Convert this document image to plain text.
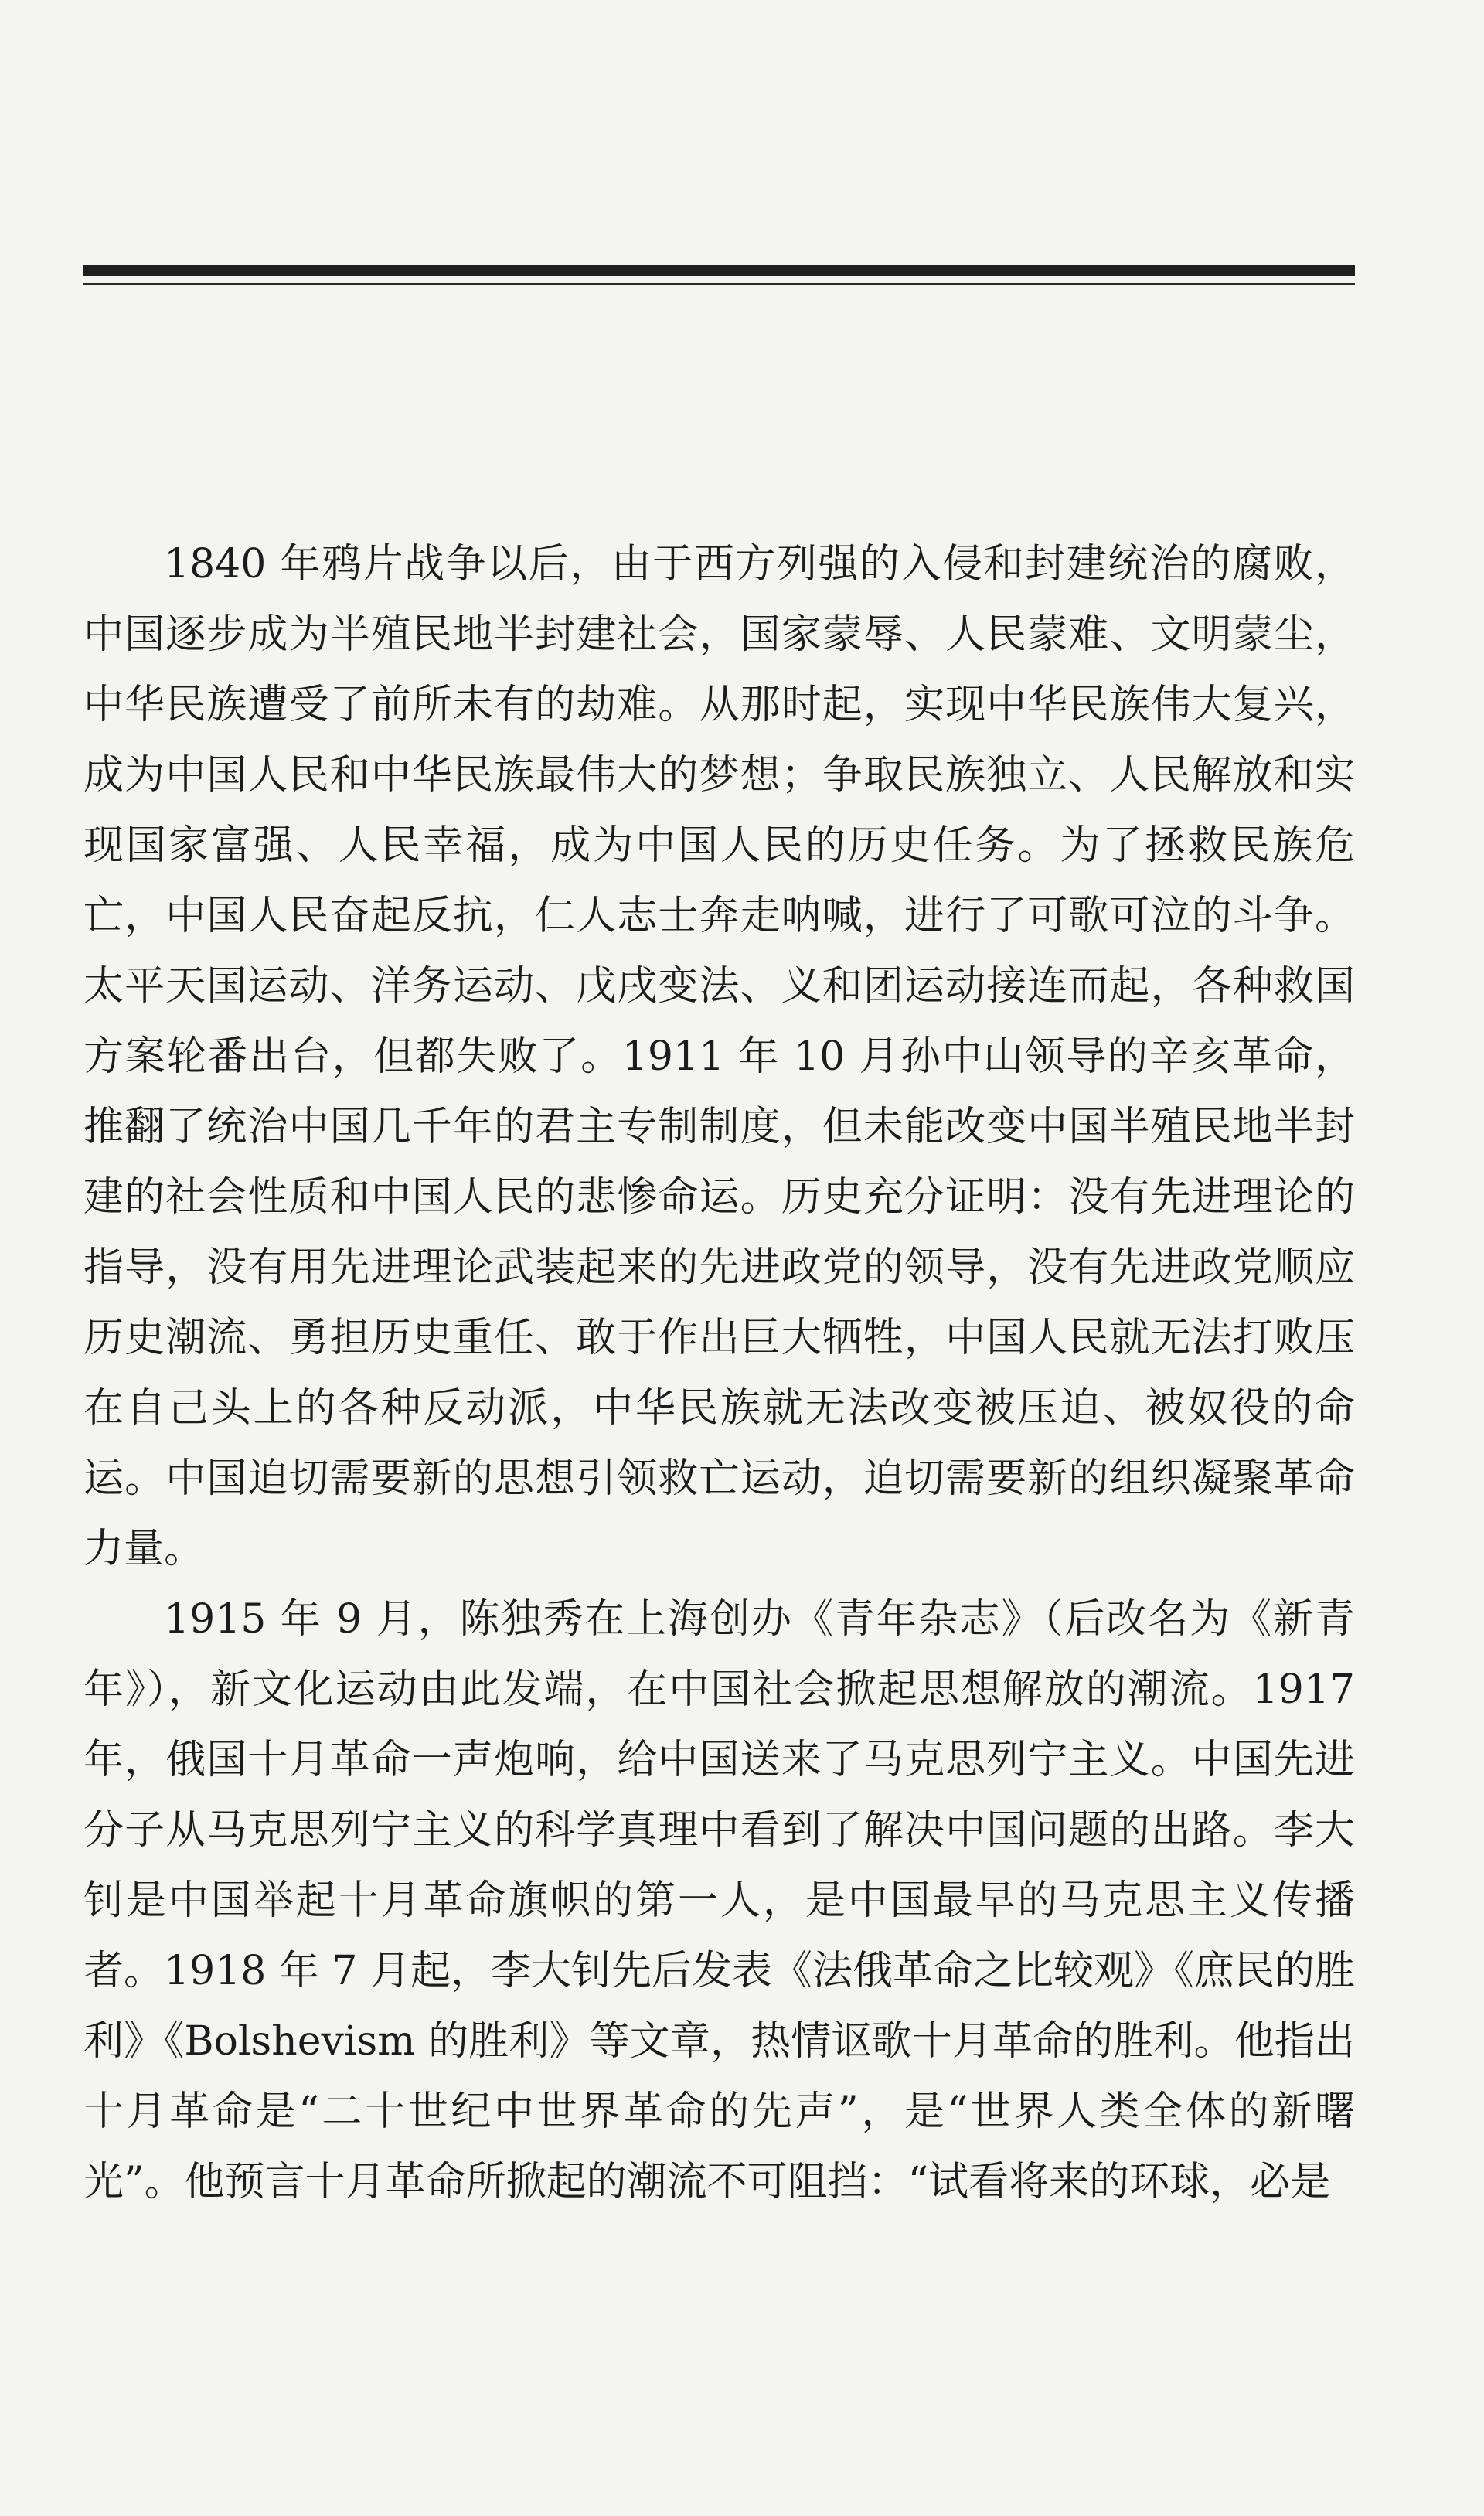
1840 年鸦片战争以后，由于西方列强的入侵和封建统治的腐败，中国逐步成为半殖民地半封建社会，国家蒙辱、人民蒙难、文明蒙尘，中华民族遭受了前所未有的劫难。从那时起，实现中华民族伟大复兴，成为中国人民和中华民族最伟大的梦想；争取民族独立、人民解放和实现国家富强、人民幸福，成为中国人民的历史任务。为了拯救民族危亡，中国人民奋起反抗，仁人志士奔走呐喊，进行了可歌可泣的斗争。太平天国运动、洋务运动、戊戌变法、义和团运动接连而起，各种救国方案轮番出台，但都失败了。1911 年 10 月孙中山领导的辛亥革命，推翻了统治中国几千年的君主专制制度，但未能改变中国半殖民地半封建的社会性质和中国人民的悲惨命运。历史充分证明：没有先进理论的指导，没有用先进理论武装起来的先进政党的领导，没有先进政党顺应历史潮流、勇担历史重任、敢于作出巨大牺牲，中国人民就无法打败压在自己头上的各种反动派，中华民族就无法改变被压迫、被奴役的命运。中国迫切需要新的思想引领救亡运动，迫切需要新的组织凝聚革命力量。

1915 年 9 月，陈独秀在上海创办《青年杂志》（后改名为《新青年》），新文化运动由此发端，在中国社会掀起思想解放的潮流。1917 年，俄国十月革命一声炮响，给中国送来了马克思列宁主义。中国先进分子从马克思列宁主义的科学真理中看到了解决中国问题的出路。李大钊是中国举起十月革命旗帜的第一人，是中国最早的马克思主义传播者。1918 年 7 月起，李大钊先后发表《法俄革命之比较观》《庶民的胜利》《Bolshevism 的胜利》等文章，热情讴歌十月革命的胜利。他指出十月革命是“二十世纪中世界革命的先声”，是“世界人类全体的新曙光”。他预言十月革命所掀起的潮流不可阻挡：“试看将来的环球，必是
